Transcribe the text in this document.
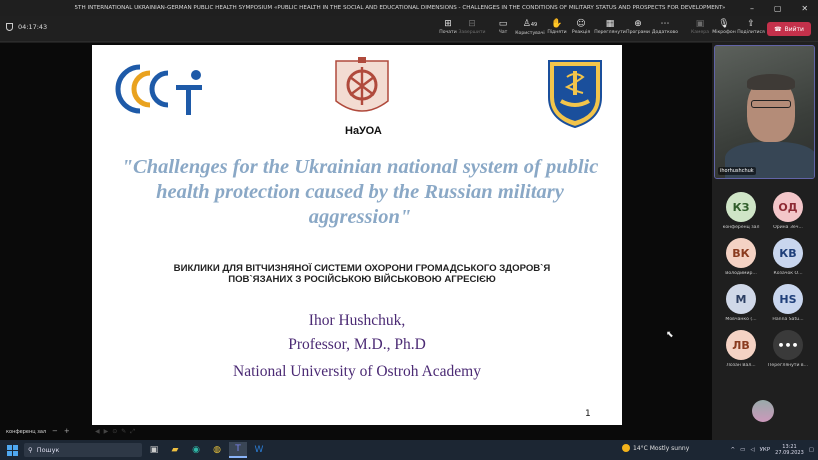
5TH INTERNATIONAL UKRAINIAN-GERMAN PUBLIC HEALTH SYMPOSIUM «PUBLIC HEALTH IN THE SOCIAL AND EDUCATIONAL DIMENSIONS - CHALLENGES IN THE CONDITIONS OF MILITARY STATUS AND PROSPECTS FOR DEVELOPMENT»	– ▢ ✕
04:17:43	⊞
Почати
⊟
Завершити
▭
Чат
♙49
Користувачі
✋
Підняти
☺
Реакція
▦
Переглянути
⊕
Програми
⋯
Додатково
▣
Камера
🎙
Мікрофон
⇪
Поділитися ☎ Вийти
НаУОА
"Challenges for the Ukrainian national system of public health protection caused by the Russian military aggression"
ВИКЛИКИ ДЛЯ ВІТЧИЗНЯНОЇ СИСТЕМИ ОХОРОНИ ГРОМАДСЬКОГО ЗДОРОВ`Я
ПОВ`ЯЗАНИХ З РОСІЙСЬКОЮ ВІЙСЬКОВОЮ АГРЕСІЄЮ
Ihor Hushchuk,
Professor, M.D., Ph.D
National University of Ostroh Academy
1
конференц зал −+	◀▶⊙✎⤢
ihorhushchuk
КЗ
конференц зал
ОД
Орина Зеч...
ВК
Володимир...
КВ
Козачок О...
М
Мовчанко (...
HS
Hanna Satu...
ЛВ
Лозан Вал...
•••
Переглянути в...
⬉
⚲ Пошук	▣	▰	◉	◍	T	W	14°C Mostly sunny	^ ▭ ◁ УКР	13:21
27.09.2023 ▢
